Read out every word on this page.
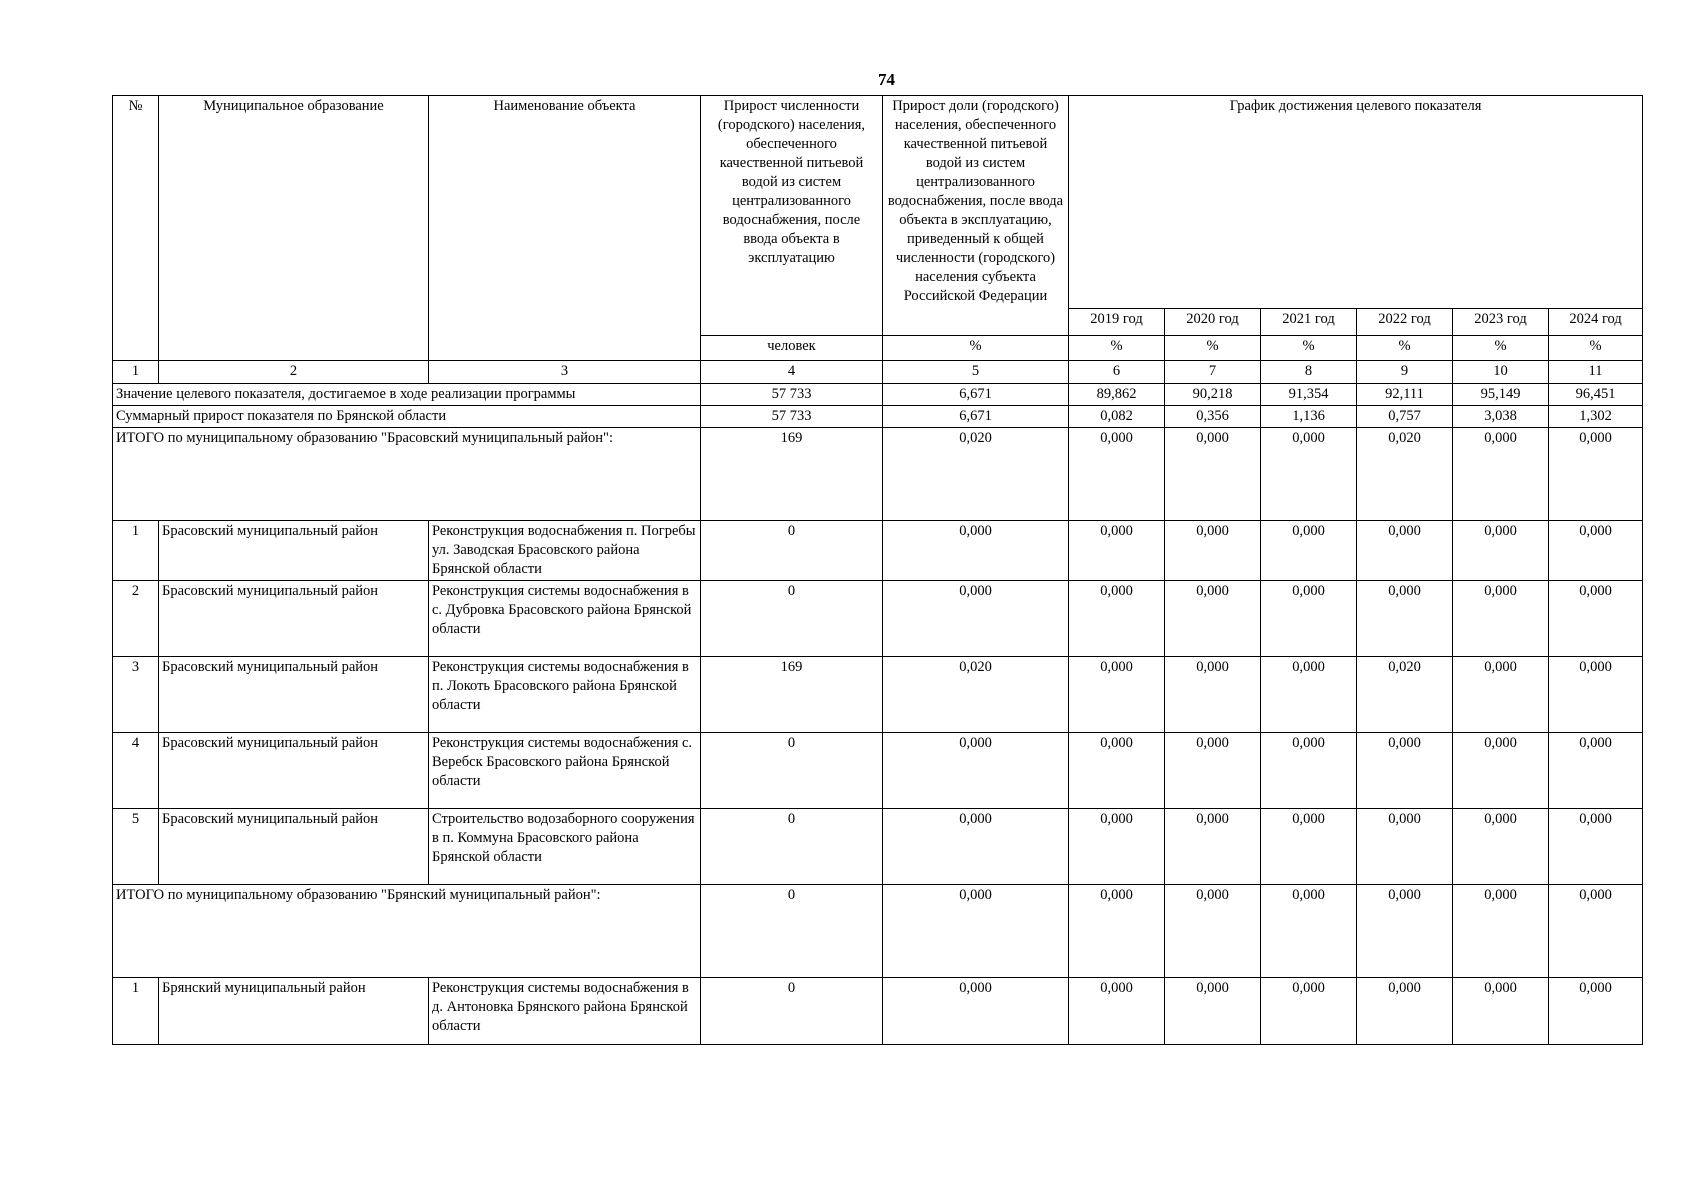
74
№	Муниципальное образование	Наименование объекта	Прирост численности (городского) населения, обеспеченного качественной питьевой водой из систем централизованного водоснабжения, после ввода объекта в эксплуатацию	Прирост доли (городского) населения, обеспеченного качественной питьевой водой из систем централизованного водоснабжения, после ввода объекта в эксплуатацию, приведенный к общей численности (городского) населения субъекта Российской Федерации	График достижения целевого показателя					
					2019 год	2020 год	2021 год	2022 год	2023 год	2024 год
			человек	%	%	%	%	%	%	%
1	2	3	4	5	6	7	8	9	10	11
Значение целевого показателя, достигаемое в ходе реализации программы			57 733	6,671	89,862	90,218	91,354	92,111	95,149	96,451
Суммарный прирост показателя по Брянской области			57 733	6,671	0,082	0,356	1,136	0,757	3,038	1,302
ИТОГО по муниципальному образованию "Брасовский муниципальный район":			169	0,020	0,000	0,000	0,000	0,020	0,000	0,000
1	Брасовский муниципальный район	Реконструкция водоснабжения п. Погребы ул. Заводская Брасовского района Брянской области	0	0,000	0,000	0,000	0,000	0,000	0,000	0,000
2	Брасовский муниципальный район	Реконструкция системы водоснабжения в с. Дубровка Брасовского района Брянской области	0	0,000	0,000	0,000	0,000	0,000	0,000	0,000
3	Брасовский муниципальный район	Реконструкция системы водоснабжения в п. Локоть Брасовского района Брянской области	169	0,020	0,000	0,000	0,000	0,020	0,000	0,000
4	Брасовский муниципальный район	Реконструкция системы водоснабжения с. Веребск Брасовского района Брянской области	0	0,000	0,000	0,000	0,000	0,000	0,000	0,000
5	Брасовский муниципальный район	Строительство водозаборного сооружения в п. Коммуна Брасовского района Брянской области	0	0,000	0,000	0,000	0,000	0,000	0,000	0,000
ИТОГО по муниципальному образованию "Брянский муниципальный район":			0	0,000	0,000	0,000	0,000	0,000	0,000	0,000
1	Брянский муниципальный район	Реконструкция системы водоснабжения в д. Антоновка Брянского района Брянской области	0	0,000	0,000	0,000	0,000	0,000	0,000	0,000
